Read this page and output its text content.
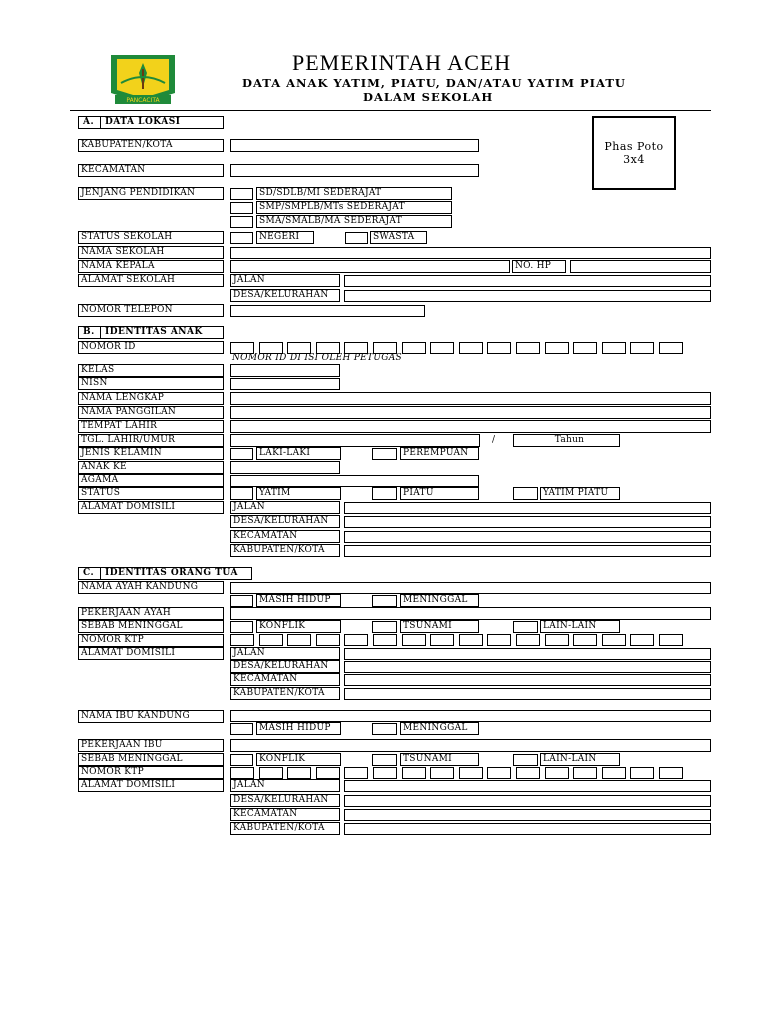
PANCACITA
PEMERINTAH ACEH
DATA ANAK YATIM, PIATU, DAN/ATAU YATIM PIATU
DALAM SEKOLAH
Phas Poto
3x4
A. DATA LOKASI
KABUPATEN/KOTA
KECAMATAN
JENJANG PENDIDIKAN	SD/SDLB/MI SEDERAJAT
SMP/SMPLB/MTs SEDERAJAT
SMA/SMALB/MA SEDERAJAT
STATUS SEKOLAH	NEGERI	SWASTA
NAMA SEKOLAH
NAMA KEPALA	NO. HP
ALAMAT SEKOLAH	JALAN
DESA/KELURAHAN
NOMOR TELEPON
B. IDENTITAS ANAK
NOMOR ID
NOMOR ID DI ISI OLEH PETUGAS
KELAS
NISN
NAMA LENGKAP
NAMA PANGGILAN
TEMPAT LAHIR
TGL. LAHIR/UMUR	/	Tahun
JENIS KELAMIN	LAKI-LAKI	PEREMPUAN
ANAK KE
AGAMA
STATUS	YATIM	PIATU	YATIM PIATU
ALAMAT DOMISILI	JALAN
DESA/KELURAHAN
KECAMATAN
KABUPATEN/KOTA
C. IDENTITAS ORANG TUA
NAMA AYAH KANDUNG
MASIH HIDUP	MENINGGAL
PEKERJAAN AYAH
SEBAB MENINGGAL	KONFLIK	TSUNAMI	LAIN-LAIN
NOMOR KTP
ALAMAT DOMISILI	JALAN
DESA/KELURAHAN
KECAMATAN
KABUPATEN/KOTA
NAMA IBU KANDUNG
MASIH HIDUP	MENINGGAL
PEKERJAAN IBU
SEBAB MENINGGAL	KONFLIK	TSUNAMI	LAIN-LAIN
NOMOR KTP
ALAMAT DOMISILI	JALAN
DESA/KELURAHAN
KECAMATAN
KABUPATEN/KOTA
